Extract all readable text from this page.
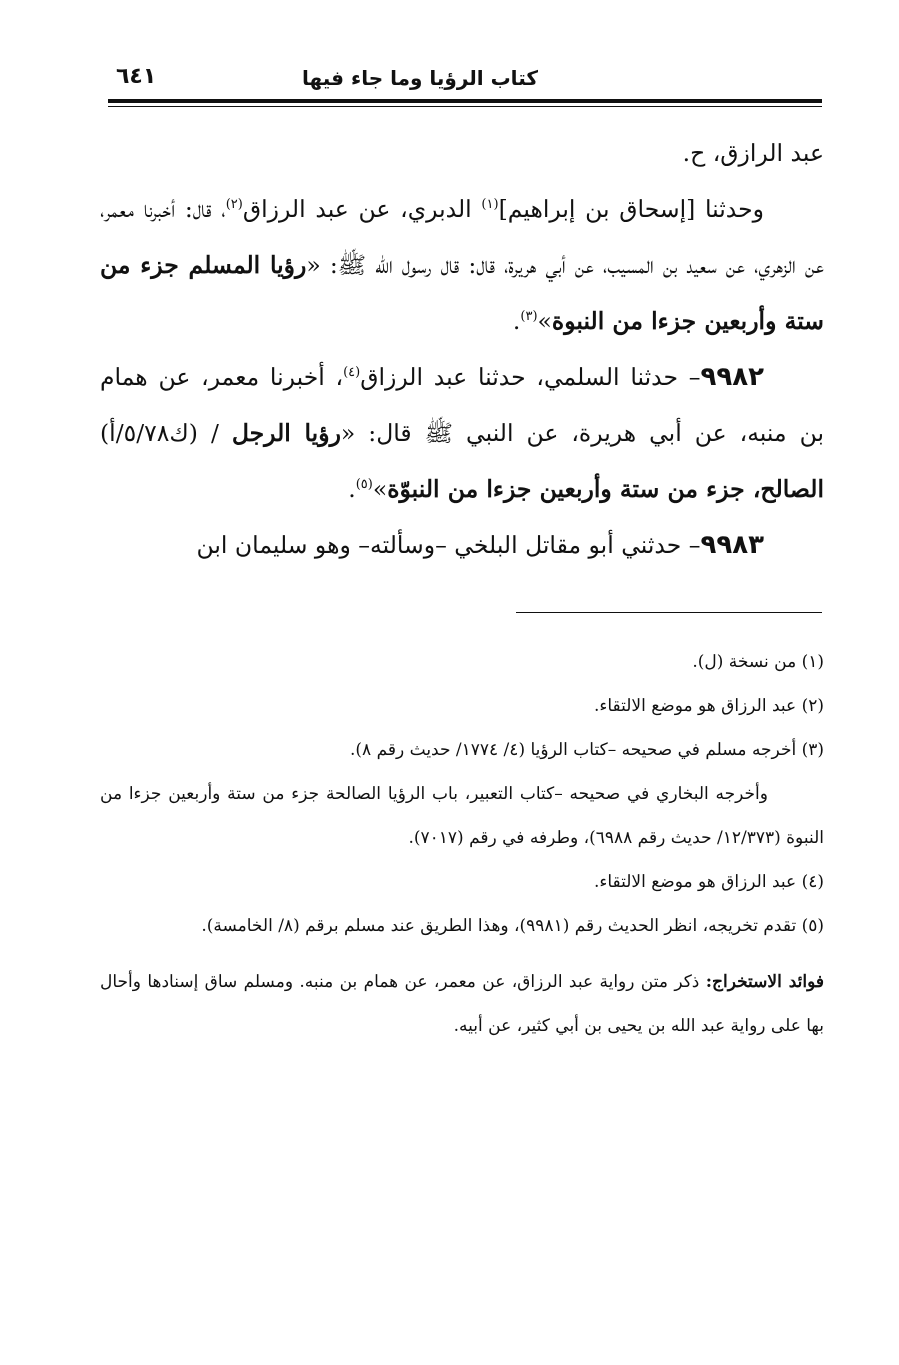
كتاب الرؤيا وما جاء فيها
٦٤١

عبد الرازق، ح.

وحدثنا [إسحاق بن إبراهيم]$^{(١)}$ الدبري، عن عبد الرزاق$^{(٢)}$، قال: أخبرنا معمر، عن الزهري، عن سعيد بن المسيب، عن أبي هريرة، قال: قال رسول الله ﷺ: «رؤيا المسلم جزء من ستة وأربعين جزءا من النبوة»$^{(٣)}$.

٩٩٨٢– حدثنا السلمي، حدثنا عبد الرزاق$^{(٤)}$، أخبرنا معمر، عن همام بن منبه، عن أبي هريرة، عن النبي ﷺ قال: «رؤيا الرجل / (ك٥/٧٨/أ) الصالح، جزء من ستة وأربعين جزءا من النبوّة»$^{(٥)}$.

٩٩٨٣– حدثني أبو مقاتل البلخي –وسألته– وهو سليمان ابن

(١) من نسخة (ل).

(٢) عبد الرزاق هو موضع الالتقاء.

(٣) أخرجه مسلم في صحيحه –كتاب الرؤيا (٤/ ١٧٧٤/ حديث رقم ٨).

وأخرجه البخاري في صحيحه –كتاب التعبير، باب الرؤيا الصالحة جزء من ستة وأربعين جزءا من النبوة (١٢/٣٧٣/ حديث رقم ٦٩٨٨)، وطرفه في رقم (٧٠١٧).

(٤) عبد الرزاق هو موضع الالتقاء.

(٥) تقدم تخريجه، انظر الحديث رقم (٩٩٨١)، وهذا الطريق عند مسلم برقم (٨/ الخامسة).

فوائد الاستخراج: ذكر متن رواية عبد الرزاق، عن معمر، عن همام بن منبه. ومسلم ساق إسنادها وأحال بها على رواية عبد الله بن يحيى بن أبي كثير، عن أبيه.
